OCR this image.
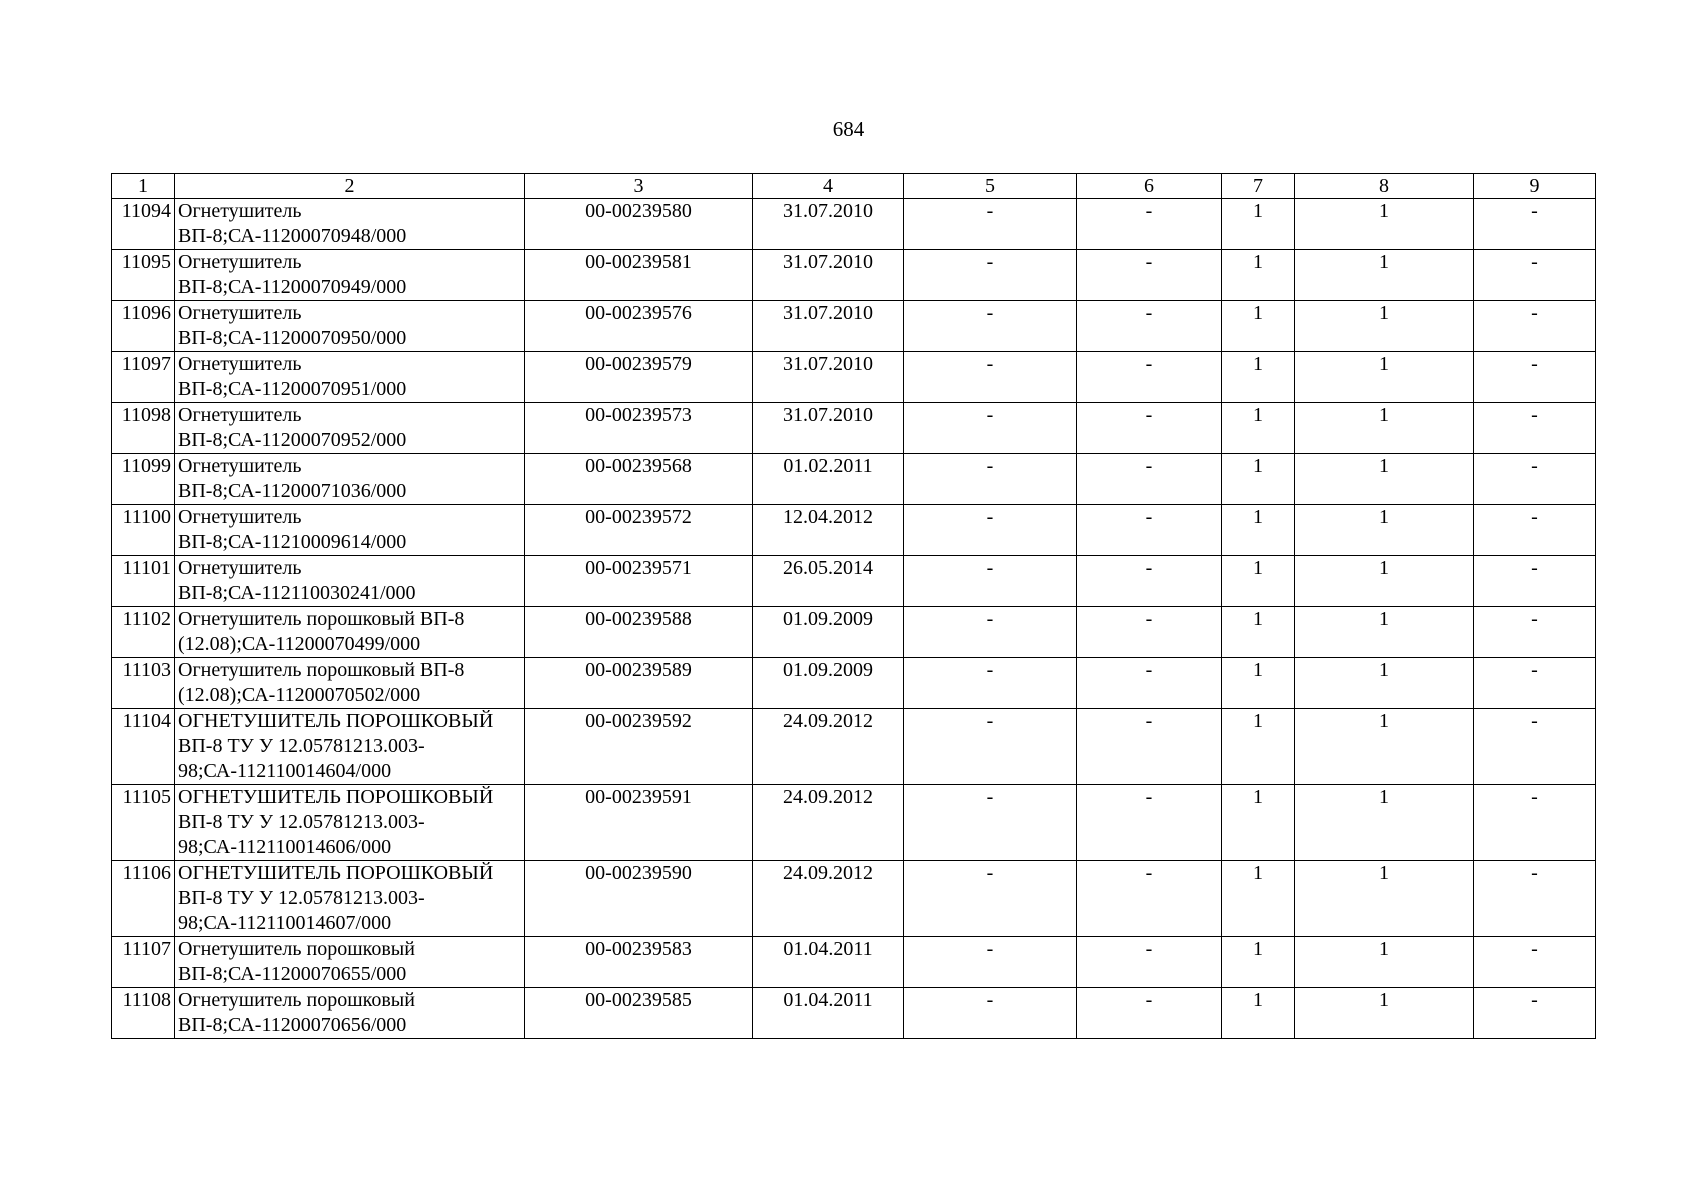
684
1	2	3	4	5	6	7	8	9
11094	Огнетушитель ВП-8;СА-11200070948/000	00-00239580	31.07.2010	-	-	1	1	-
11095	Огнетушитель ВП-8;СА-11200070949/000	00-00239581	31.07.2010	-	-	1	1	-
11096	Огнетушитель ВП-8;СА-11200070950/000	00-00239576	31.07.2010	-	-	1	1	-
11097	Огнетушитель ВП-8;СА-11200070951/000	00-00239579	31.07.2010	-	-	1	1	-
11098	Огнетушитель ВП-8;СА-11200070952/000	00-00239573	31.07.2010	-	-	1	1	-
11099	Огнетушитель ВП-8;СА-11200071036/000	00-00239568	01.02.2011	-	-	1	1	-
11100	Огнетушитель ВП-8;СА-11210009614/000	00-00239572	12.04.2012	-	-	1	1	-
11101	Огнетушитель ВП-8;СА-112110030241/000	00-00239571	26.05.2014	-	-	1	1	-
11102	Огнетушитель порошковый ВП-8 (12.08);СА-11200070499/000	00-00239588	01.09.2009	-	-	1	1	-
11103	Огнетушитель порошковый ВП-8 (12.08);СА-11200070502/000	00-00239589	01.09.2009	-	-	1	1	-
11104	ОГНЕТУШИТЕЛЬ ПОРОШКОВЫЙ ВП-8 ТУ У 12.05781213.003-98;СА-112110014604/000	00-00239592	24.09.2012	-	-	1	1	-
11105	ОГНЕТУШИТЕЛЬ ПОРОШКОВЫЙ ВП-8 ТУ У 12.05781213.003-98;СА-112110014606/000	00-00239591	24.09.2012	-	-	1	1	-
11106	ОГНЕТУШИТЕЛЬ ПОРОШКОВЫЙ ВП-8 ТУ У 12.05781213.003-98;СА-112110014607/000	00-00239590	24.09.2012	-	-	1	1	-
11107	Огнетушитель порошковый ВП-8;СА-11200070655/000	00-00239583	01.04.2011	-	-	1	1	-
11108	Огнетушитель порошковый ВП-8;СА-11200070656/000	00-00239585	01.04.2011	-	-	1	1	-
